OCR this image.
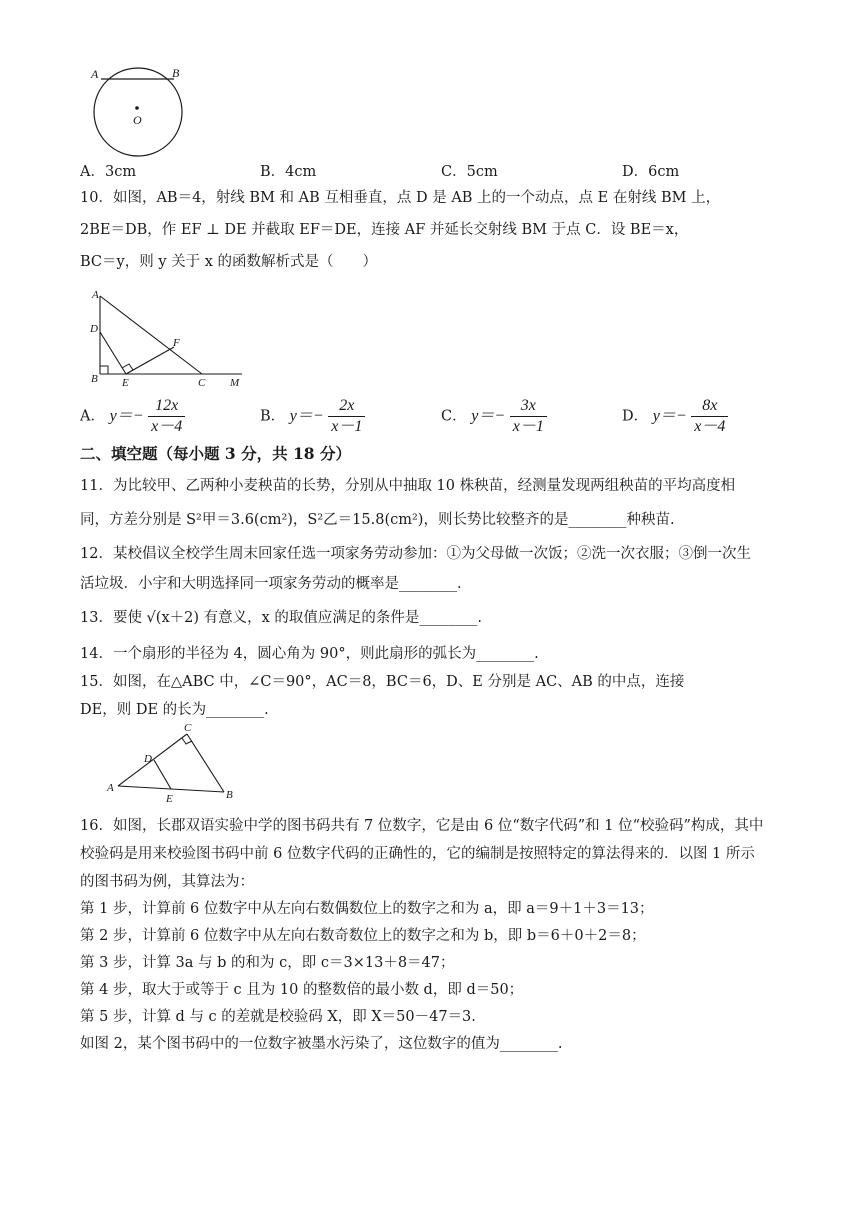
A	B
O
A．3cm	B．4cm	C．5cm	D．6cm
10．如图，AB＝4，射线 BM 和 AB 互相垂直，点 D 是 AB 上的一个动点，点 E 在射线 BM 上，
2BE＝DB，作 EF ⊥ DE 并截取 EF＝DE，连接 AF 并延长交射线 BM 于点 C．设 BE＝x，
BC＝y，则 y 关于 x 的函数解析式是（　　）
A
D
F
B E	C M
A． $y=- \frac{12x}{x-4}$	B． $y=- \frac{2x}{x-1}$	C． $y=- \frac{3x}{x-1}$	D． $y=- \frac{8x}{x-4}$
二、填空题（每小题 3 分，共 18 分）
11．为比较甲、乙两种小麦秧苗的长势，分别从中抽取 10 株秧苗，经测量发现两组秧苗的平均高度相
同，方差分别是 S²甲＝3.6(cm²)，S²乙＝15.8(cm²)，则长势比较整齐的是________种秧苗.
12．某校倡议全校学生周末回家任选一项家务劳动参加：①为父母做一次饭；②洗一次衣服；③倒一次生
活垃圾．小宇和大明选择同一项家务劳动的概率是________.
13．要使 √(x＋2) 有意义，x 的取值应满足的条件是________.
14．一个扇形的半径为 4，圆心角为 90°，则此扇形的弧长为________.
15．如图，在△ABC 中，∠C＝90°，AC＝8，BC＝6，D、E 分别是 AC、AB 的中点，连接
DE，则 DE 的长为________.
A
B
C
D
E
16．如图，长郡双语实验中学的图书码共有 7 位数字，它是由 6 位“数字代码”和 1 位“校验码”构成，其中
校验码是用来校验图书码中前 6 位数字代码的正确性的，它的编制是按照特定的算法得来的．以图 1 所示
的图书码为例，其算法为：
第 1 步，计算前 6 位数字中从左向右数偶数位上的数字之和为 a，即 a＝9＋1＋3＝13；
第 2 步，计算前 6 位数字中从左向右数奇数位上的数字之和为 b，即 b＝6＋0＋2＝8；
第 3 步，计算 3a 与 b 的和为 c，即 c＝3×13＋8＝47；
第 4 步，取大于或等于 c 且为 10 的整数倍的最小数 d，即 d＝50；
第 5 步，计算 d 与 c 的差就是校验码 X，即 X＝50－47＝3.
如图 2，某个图书码中的一位数字被墨水污染了，这位数字的值为________.
